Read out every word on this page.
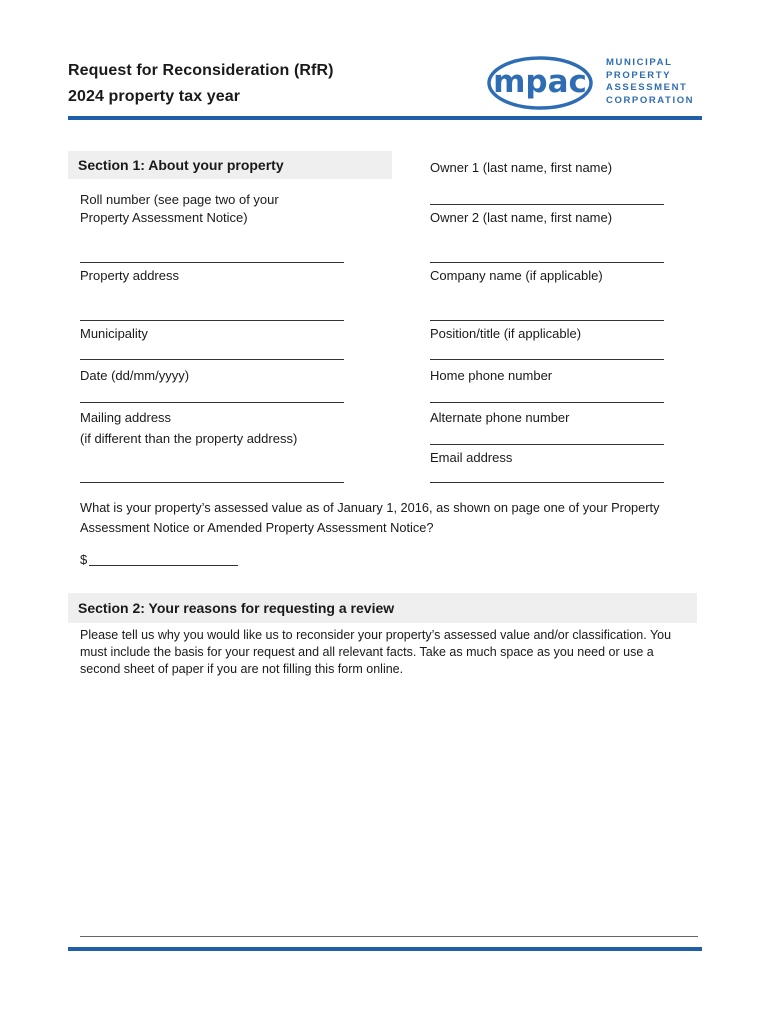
Request for Reconsideration (RfR)
2024 property tax year	mpac
MUNICIPAL
PROPERTY
ASSESSMENT
CORPORATION
Section 1: About your property
Roll number (see page two of your
Property Assessment Notice)
Property address
Municipality
Date (dd/mm/yyyy)
Mailing address
(if different than the property address)
Owner 1 (last name, first name)
Owner 2 (last name, first name)
Company name (if applicable)
Position/title (if applicable)
Home phone number
Alternate phone number
Email address
What is your property’s assessed value as of January 1, 2016, as shown on page one of your Property
Assessment Notice or Amended Property Assessment Notice?
$
Section 2: Your reasons for requesting a review
Please tell us why you would like us to reconsider your property’s assessed value and/or classification. You
must include the basis for your request and all relevant facts. Take as much space as you need or use a
second sheet of paper if you are not filling this form online.
